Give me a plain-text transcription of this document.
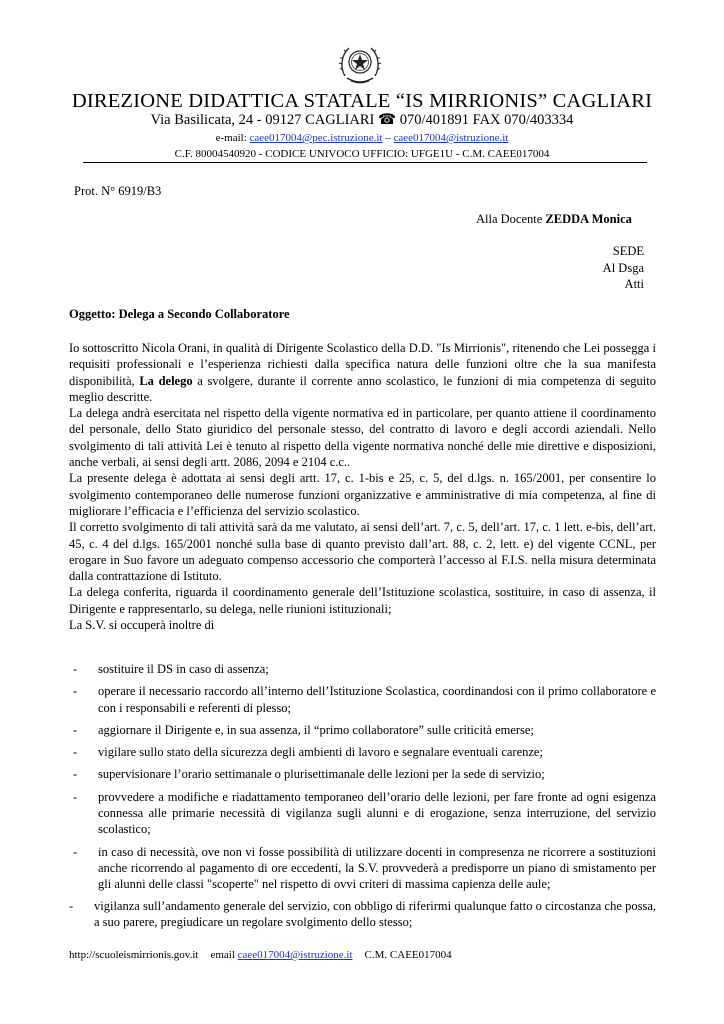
DIREZIONE DIDATTICA STATALE “IS MIRRIONIS” CAGLIARI
Via Basilicata, 24 - 09127 CAGLIARI ☎ 070/401891 FAX 070/403334
e-mail: caee017004@pec.istruzione.it – caee017004@istruzione.it
C.F. 80004540920 - CODICE UNIVOCO UFFICIO: UFGE1U - C.M. CAEE017004
Prot. N° 6919/B3
Alla Docente ZEDDA Monica
SEDE
Al Dsga
Atti
Oggetto: Delega a Secondo Collaboratore

Io sottoscritto Nicola Orani, in qualità di Dirigente Scolastico della D.D. "Is Mirrionis", ritenendo che Lei possegga i requisiti professionali e l’esperienza richiesti dalla specifica natura delle funzioni oltre che la sua manifesta disponibilità, La delego a svolgere, durante il corrente anno scolastico, le funzioni di mia competenza di seguito meglio descritte.

La delega andrà esercitata nel rispetto della vigente normativa ed in particolare, per quanto attiene il coordinamento del personale, dello Stato giuridico del personale stesso, del contratto di lavoro e degli accordi aziendali. Nello svolgimento di tali attività Lei è tenuto al rispetto della vigente normativa nonché delle mie direttive e disposizioni, anche verbali, ai sensi degli artt. 2086, 2094 e 2104 c.c..

La presente delega è adottata ai sensi degli artt. 17, c. 1-bis e 25, c. 5, del d.lgs. n. 165/2001, per consentire lo svolgimento contemporaneo delle numerose funzioni organizzative e amministrative di mia competenza, al fine di migliorare l’efficacia e l’efficienza del servizio scolastico.

Il corretto svolgimento di tali attività sarà da me valutato, ai sensi dell’art. 7, c. 5, dell’art. 17, c. 1 lett. e-bis, dell’art. 45, c. 4 del d.lgs. 165/2001 nonché sulla base di quanto previsto dall’art. 88, c. 2, lett. e) del vigente CCNL, per erogare in Suo favore un adeguato compenso accessorio che comporterà l’accesso al F.I.S. nella misura determinata dalla contrattazione di Istituto.

La delega conferita, riguarda il coordinamento generale dell’Istituzione scolastica, sostituire, in caso di assenza, il Dirigente e rappresentarlo, su delega, nelle riunioni istituzionali;

La S.V. si occuperà inoltre di

- sostituire il DS in caso di assenza;
- operare il necessario raccordo all’interno dell’Istituzione Scolastica, coordinandosi con il primo collaboratore e con i responsabili e referenti di plesso;
- aggiornare il Dirigente e, in sua assenza, il “primo collaboratore” sulle criticità emerse;
- vigilare sullo stato della sicurezza degli ambienti di lavoro e segnalare eventuali carenze;
- supervisionare l’orario settimanale o plurisettimanale delle lezioni per la sede di servizio;
- provvedere a modifiche e riadattamento temporaneo dell’orario delle lezioni, per fare fronte ad ogni esigenza connessa alle primarie necessità di vigilanza sugli alunni e di erogazione, senza interruzione, del servizio scolastico;
- in caso di necessità, ove non vi fosse possibilità di utilizzare docenti in compresenza ne ricorrere a sostituzioni anche ricorrendo al pagamento di ore eccedenti, la S.V. provvederà a predisporre un piano di smistamento per gli alunni delle classi "scoperte" nel rispetto di ovvi criteri di massima capienza delle aule;
- vigilanza sull’andamento generale del servizio, con obbligo di riferirmi qualunque fatto o circostanza che possa, a suo parere, pregiudicare un regolare svolgimento dello stesso;
http://scuoleismirrionis.gov.it email caee017004@istruzione.it C.M. CAEE017004
